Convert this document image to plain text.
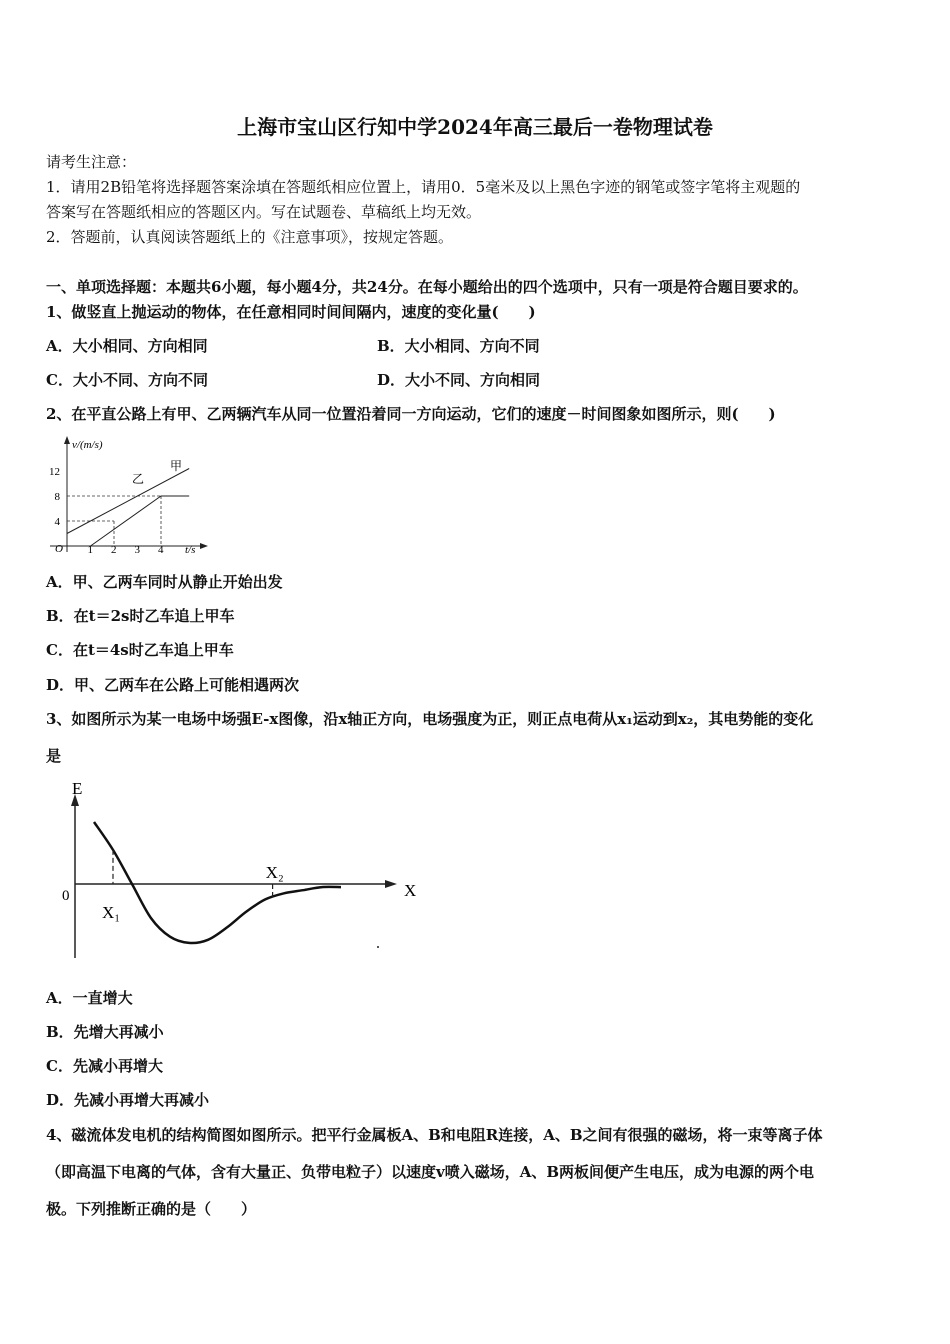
上海市宝山区行知中学2024年高三最后一卷物理试卷
请考生注意：
1．请用2B铅笔将选择题答案涂填在答题纸相应位置上，请用0．5毫米及以上黑色字迹的钢笔或签字笔将主观题的
答案写在答题纸相应的答题区内。写在试题卷、草稿纸上均无效。
2．答题前，认真阅读答题纸上的《注意事项》，按规定答题。
一、单项选择题：本题共6小题，每小题4分，共24分。在每小题给出的四个选项中，只有一项是符合题目要求的。
1、做竖直上抛运动的物体，在任意相同时间间隔内，速度的变化量(　　)
A．大小相同、方向相同	B．大小相同、方向不同
C．大小不同、方向不同	D．大小不同、方向相同
2、在平直公路上有甲、乙两辆汽车从同一位置沿着同一方向运动，它们的速度－时间图象如图所示，则(　　)
v/(m/s)
t/s
O 1 2 3 4
4
8
12	甲
乙
A．甲、乙两车同时从静止开始出发
B．在t＝2s时乙车追上甲车
C．在t＝4s时乙车追上甲车
D．甲、乙两车在公路上可能相遇两次
3、如图所示为某一电场中场强E-x图像，沿x轴正方向，电场强度为正，则正点电荷从x₁运动到x₂，其电势能的变化
是
E
X
0
X₁
X₂
A．一直增大
B．先增大再减小
C．先减小再增大
D．先减小再增大再减小
4、磁流体发电机的结构简图如图所示。把平行金属板A、B和电阻R连接，A、B之间有很强的磁场，将一束等离子体
（即高温下电离的气体，含有大量正、负带电粒子）以速度v喷入磁场，A、B两板间便产生电压，成为电源的两个电
极。下列推断正确的是（　　）
